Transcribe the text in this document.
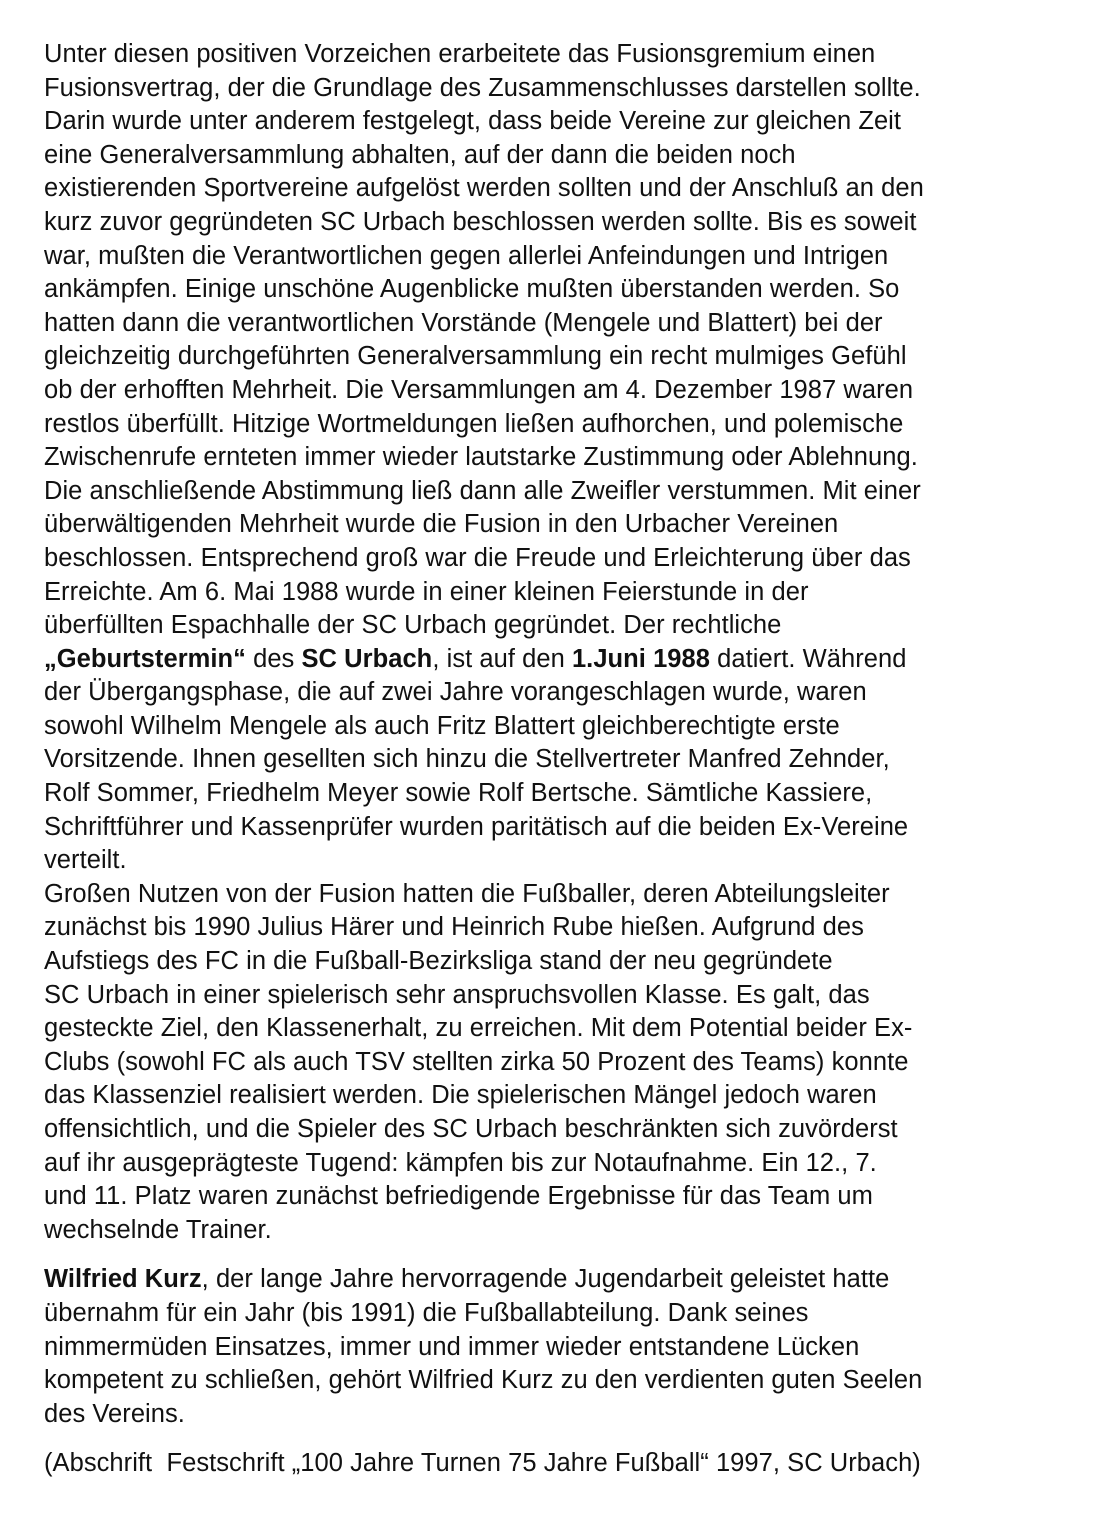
Unter diesen positiven Vorzeichen erarbeitete das Fusionsgremium einen
Fusionsvertrag, der die Grundlage des Zusammenschlusses darstellen sollte.
Darin wurde unter anderem festgelegt, dass beide Vereine zur gleichen Zeit
eine Generalversammlung abhalten, auf der dann die beiden noch
existierenden Sportvereine aufgelöst werden sollten und der Anschluß an den
kurz zuvor gegründeten SC Urbach beschlossen werden sollte. Bis es soweit
war, mußten die Verantwortlichen gegen allerlei Anfeindungen und Intrigen
ankämpfen. Einige unschöne Augenblicke mußten überstanden werden. So
hatten dann die verantwortlichen Vorstände (Mengele und Blattert) bei der
gleichzeitig durchgeführten Generalversammlung ein recht mulmiges Gefühl
ob der erhofften Mehrheit. Die Versammlungen am 4. Dezember 1987 waren
restlos überfüllt. Hitzige Wortmeldungen ließen aufhorchen, und polemische
Zwischenrufe ernteten immer wieder lautstarke Zustimmung oder Ablehnung.
Die anschließende Abstimmung ließ dann alle Zweifler verstummen. Mit einer
überwältigenden Mehrheit wurde die Fusion in den Urbacher Vereinen
beschlossen. Entsprechend groß war die Freude und Erleichterung über das
Erreichte. Am 6. Mai 1988 wurde in einer kleinen Feierstunde in der
überfüllten Espachhalle der SC Urbach gegründet. Der rechtliche
„Geburtstermin“ des SC Urbach, ist auf den 1.Juni 1988 datiert. Während
der Übergangsphase, die auf zwei Jahre vorangeschlagen wurde, waren
sowohl Wilhelm Mengele als auch Fritz Blattert gleichberechtigte erste
Vorsitzende. Ihnen gesellten sich hinzu die Stellvertreter Manfred Zehnder,
Rolf Sommer, Friedhelm Meyer sowie Rolf Bertsche. Sämtliche Kassiere,
Schriftführer und Kassenprüfer wurden paritätisch auf die beiden Ex-Vereine
verteilt.

Großen Nutzen von der Fusion hatten die Fußballer, deren Abteilungsleiter
zunächst bis 1990 Julius Härer und Heinrich Rube hießen. Aufgrund des
Aufstiegs des FC in die Fußball-Bezirksliga stand der neu gegründete
SC Urbach in einer spielerisch sehr anspruchsvollen Klasse. Es galt, das
gesteckte Ziel, den Klassenerhalt, zu erreichen. Mit dem Potential beider Ex-
Clubs (sowohl FC als auch TSV stellten zirka 50 Prozent des Teams) konnte
das Klassenziel realisiert werden. Die spielerischen Mängel jedoch waren
offensichtlich, und die Spieler des SC Urbach beschränkten sich zuvörderst
auf ihr ausgeprägteste Tugend: kämpfen bis zur Notaufnahme. Ein 12., 7.
und 11. Platz waren zunächst befriedigende Ergebnisse für das Team um
wechselnde Trainer.

Wilfried Kurz, der lange Jahre hervorragende Jugendarbeit geleistet hatte
übernahm für ein Jahr (bis 1991) die Fußballabteilung. Dank seines
nimmermüden Einsatzes, immer und immer wieder entstandene Lücken
kompetent zu schließen, gehört Wilfried Kurz zu den verdienten guten Seelen
des Vereins.

(Abschrift  Festschrift „100 Jahre Turnen 75 Jahre Fußball“ 1997, SC Urbach)
